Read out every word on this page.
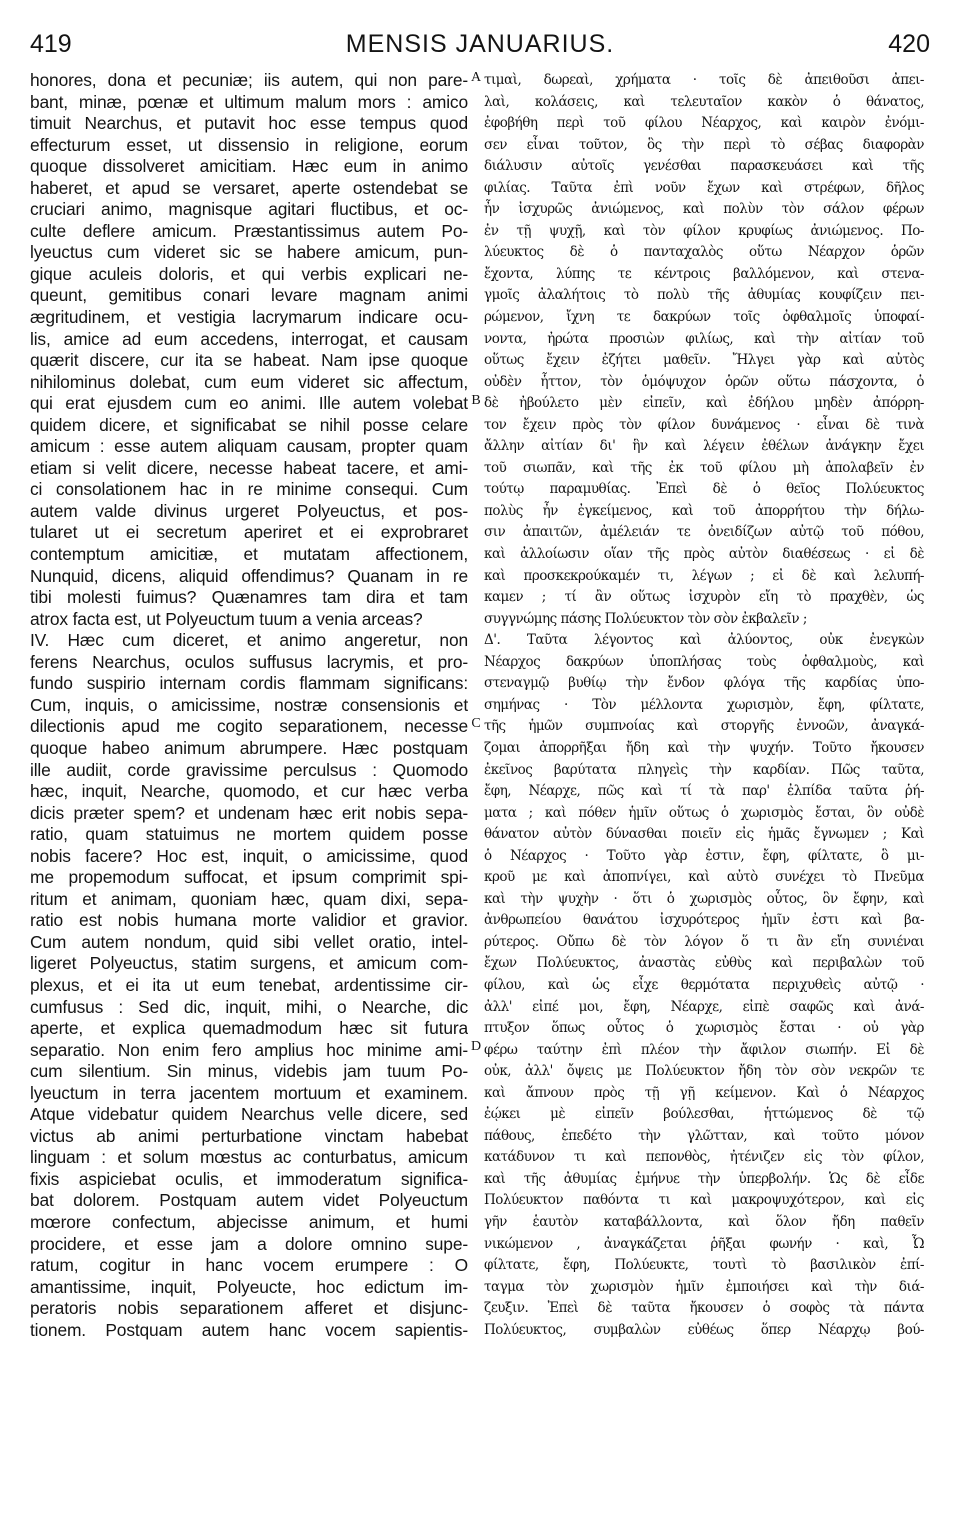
419	MENSIS JANUARIUS.	420
honores, dona et pecuniæ; iis autem, qui non pare-
bant, minæ, pœnæ et ultimum malum mors : amico
timuit Nearchus, et putavit hoc esse tempus quod
effecturum esset, ut dissensio in religione, eorum
quoque dissolveret amicitiam. Hæc eum in animo
haberet, et apud se versaret, aperte ostendebat se
cruciari animo, magnisque agitari fluctibus, et oc-
culte deflere amicum. Præstantissimus autem Po-
lyeuctus cum videret sic se habere amicum, pun-
gique aculeis doloris, et qui verbis explicari ne-
queunt, gemitibus conari levare magnam animi
ægritudinem, et vestigia lacrymarum indicare ocu-
lis, amice ad eum accedens, interrogat, et causam
quærit discere, cur ita se habeat. Nam ipse quoque
nihilominus dolebat, cum eum videret sic affectum,
qui erat ejusdem cum eo animi. Ille autem volebat
quidem dicere, et significabat se nihil posse celare
amicum : esse autem aliquam causam, propter quam
etiam si velit dicere, necesse habeat tacere, et ami-
ci consolationem hac in re minime consequi. Cum
autem valde divinus urgeret Polyeuctus, et pos-
tularet ut ei secretum aperiret et ei exprobraret
contemptum amicitiæ, et mutatam affectionem,
Nunquid, dicens, aliquid offendimus? Quanam in re
tibi molesti fuimus? Quænamres tam dira et tam
atrox facta est, ut Polyeuctum tuum a venia arceas?
IV. Hæc cum diceret, et animo angeretur, non
ferens Nearchus, oculos suffusus lacrymis, et pro-
fundo suspirio internam cordis flammam significans:
Cum, inquis, o amicissime, nostræ consensionis et
dilectionis apud me cogito separationem, necesse
quoque habeo animum abrumpere. Hæc postquam
ille audiit, corde gravissime perculsus : Quomodo
hæc, inquit, Nearche, quomodo, et cur hæc verba
dicis præter spem? et undenam hæc erit nobis sepa-
ratio, quam statuimus ne mortem quidem posse
nobis facere? Hoc est, inquit, o amicissime, quod
me propemodum suffocat, et ipsum comprimit spi-
ritum et animam, quoniam hæc, quam dixi, sepa-
ratio est nobis humana morte validior et gravior.
Cum autem nondum, quid sibi vellet oratio, intel-
ligeret Polyeuctus, statim surgens, et amicum com-
plexus, et ei ita ut eum tenebat, ardentissime cir-
cumfusus : Sed dic, inquit, mihi, o Nearche, dic
aperte, et explica quemadmodum hæc sit futura
separatio. Non enim fero amplius hoc minime ami-
cum silentium. Sin minus, videbis jam tuum Po-
lyeuctum in terra jacentem mortuum et examinem.
Atque videbatur quidem Nearchus velle dicere, sed
victus ab animi perturbatione vinctam habebat
linguam : et solum mœstus ac conturbatus, amicum
fixis aspiciebat oculis, et immoderatum significa-
bat dolorem. Postquam autem videt Polyeuctum
mœrore confectum, abjecisse animum, et humi
procidere, et esse jam a dolore omnino supe-
ratum, cogitur in hanc vocem erumpere : O
amantissime, inquit, Polyeucte, hoc edictum im-
peratoris nobis separationem afferet et disjunc-
tionem. Postquam autem hanc vocem sapientis-
τιμαὶ, δωρεαὶ, χρήματα · τοῖς δὲ ἀπειθοῦσι ἀπει-
λαὶ, κολάσεις, καὶ τελευταῖον κακὸν ὁ θάνατος,
ἐφοβήθη περὶ τοῦ φίλου Νέαρχος, καὶ καιρὸν ἐνόμι-
σεν εἶναι τοῦτον, ὃς τὴν περὶ τὸ σέβας διαφορὰν
διάλυσιν αὐτοῖς γενέσθαι παρασκευάσει καὶ τῆς
φιλίας. Ταῦτα ἐπὶ νοῦν ἔχων καὶ στρέφων, δῆλος
ἦν ἰσχυρῶς ἀνιώμενος, καὶ πολὺν τὸν σάλον φέρων
ἐν τῇ ψυχῇ, καὶ τὸν φίλον κρυφίως ἀνιώμενος. Πο-
λύευκτος δὲ ὁ πανταχαλὸς οὕτω Νέαρχον ὁρῶν
ἔχοντα, λύπης τε κέντροις βαλλόμενον, καὶ στενα-
γμοῖς ἀλαλήτοις τὸ πολὺ τῆς ἀθυμίας κουφίζειν πει-
ρώμενον, ἴχνη τε δακρύων τοῖς ὀφθαλμοῖς ὑποφαί-
νοντα, ἠρώτα προσιὼν φιλίως, καὶ τὴν αἰτίαν τοῦ
οὕτως ἔχειν ἐζήτει μαθεῖν. Ἤλγει γὰρ καὶ αὐτὸς
οὐδὲν ἧττον, τὸν ὁμόψυχον ὁρῶν οὕτω πάσχοντα, ὁ
δὲ ἠβούλετο μὲν εἰπεῖν, καὶ ἐδήλου μηδὲν ἀπόρρη-
τον ἔχειν πρὸς τὸν φίλον δυνάμενος · εἶναι δὲ τινὰ
ἄλλην αἰτίαν δι' ἣν καὶ λέγειν ἐθέλων ἀνάγκην ἔχει
τοῦ σιωπᾶν, καὶ τῆς ἐκ τοῦ φίλου μὴ ἀπολαβεῖν ἐν
τούτῳ παραμυθίας. Ἐπεὶ δὲ ὁ θεῖος Πολύευκτος
πολὺς ἦν ἐγκείμενος, καὶ τοῦ ἀπορρήτου τὴν δήλω-
σιν ἀπαιτῶν, ἀμέλειάν τε ὀνειδίζων αὐτῷ τοῦ πόθου,
καὶ ἀλλοίωσιν οἵαν τῆς πρὸς αὐτὸν διαθέσεως · εἰ δὲ
καὶ προσκεκρούκαμέν τι, λέγων ; εἰ δὲ καὶ λελυπή-
καμεν ; τί ἂν οὕτως ἰσχυρὸν εἴη τὸ πραχθὲν, ὡς
συγγνώμης πάσης Πολύευκτον τὸν σὸν ἐκβαλεῖν ;
Δ'. Ταῦτα λέγοντος καὶ ἀλύοντος, οὐκ ἐνεγκὼν
Νέαρχος δακρύων ὑποπλήσας τοὺς ὀφθαλμοὺς, καὶ
στεναγμῷ βυθίῳ τὴν ἔνδον φλόγα τῆς καρδίας ὑπο-
σημήνας · Τὸν μέλλοντα χωρισμὸν, ἔφη, φίλτατε,
τῆς ἡμῶν συμπνοίας καὶ στοργῆς ἐννοῶν, ἀναγκά-
ζομαι ἀπορρῆξαι ἤδη καὶ τὴν ψυχήν. Τοῦτο ἤκουσεν
ἐκεῖνος βαρύτατα πληγεὶς τὴν καρδίαν. Πῶς ταῦτα,
ἔφη, Νέαρχε, πῶς καὶ τί τὰ παρ' ἐλπίδα ταῦτα ῥή-
ματα ; καὶ πόθεν ἡμῖν οὕτως ὁ χωρισμὸς ἔσται, ὃν οὐδὲ
θάνατον αὐτὸν δύνασθαι ποιεῖν εἰς ἡμᾶς ἔγνωμεν ; Καὶ
ὁ Νέαρχος · Τοῦτο γὰρ ἐστιν, ἔφη, φίλτατε, ὃ μι-
κροῦ με καὶ ἀποπνίγει, καὶ αὐτὸ συνέχει τὸ Πνεῦμα
καὶ τὴν ψυχὴν · ὅτι ὁ χωρισμὸς οὗτος, ὃν ἔφην, καὶ
ἀνθρωπείου θανάτου ἰσχυρότερος ἡμῖν ἐστι καὶ βα-
ρύτερος. Οὔπω δὲ τὸν λόγον ὅ τι ἂν εἴη συνιέναι
ἔχων Πολύευκτος, ἀναστὰς εὐθὺς καὶ περιβαλὼν τοῦ
φίλου, καὶ ὡς εἶχε θερμότατα περιχυθεὶς αὐτῷ ·
ἀλλ' εἰπέ μοι, ἔφη, Νέαρχε, εἰπὲ σαφῶς καὶ ἀνά-
πτυξον ὅπως οὗτος ὁ χωρισμὸς ἔσται · οὐ γὰρ
φέρω ταύτην ἐπὶ πλέον τὴν ἄφιλον σιωπήν. Εἰ δὲ
οὐκ, ἀλλ' ὄψεις με Πολύευκτον ἤδη τὸν σὸν νεκρῶν τε
καὶ ἄπνουν πρὸς τῇ γῇ κείμενον. Καὶ ὁ Νέαρχος
ἐῴκει μὲ εἰπεῖν βούλεσθαι, ἡττώμενος δὲ τῷ
πάθους, ἐπεδέτο τὴν γλῶτταν, καὶ τοῦτο μόνον
κατάδυνον τι καὶ πεπονθὸς, ἠτένιζεν εἰς τὸν φίλον,
καὶ τῆς ἀθυμίας ἐμήνυε τὴν ὑπερβολήν. Ὡς δὲ εἶδε
Πολύευκτον παθόντα τι καὶ μακροψυχότερον, καὶ εἰς
γῆν ἑαυτὸν καταβάλλοντα, καὶ ὅλον ἤδη παθεῖν
νικώμενον , ἀναγκάζεται ῥῆξαι φωνήν · καὶ, Ὦ
φίλτατε, ἔφη, Πολύευκτε, τουτὶ τὸ βασιλικὸν ἐπί-
ταγμα τὸν χωρισμὸν ἡμῖν ἐμποιήσει καὶ τὴν διά-
ζευξιν. Ἐπεὶ δὲ ταῦτα ἤκουσεν ὁ σοφὸς τὰ πάντα
Πολύευκτος, συμβαλὼν εὐθέως ὅπερ Νέαρχῳ βού-
A
B
C
D
